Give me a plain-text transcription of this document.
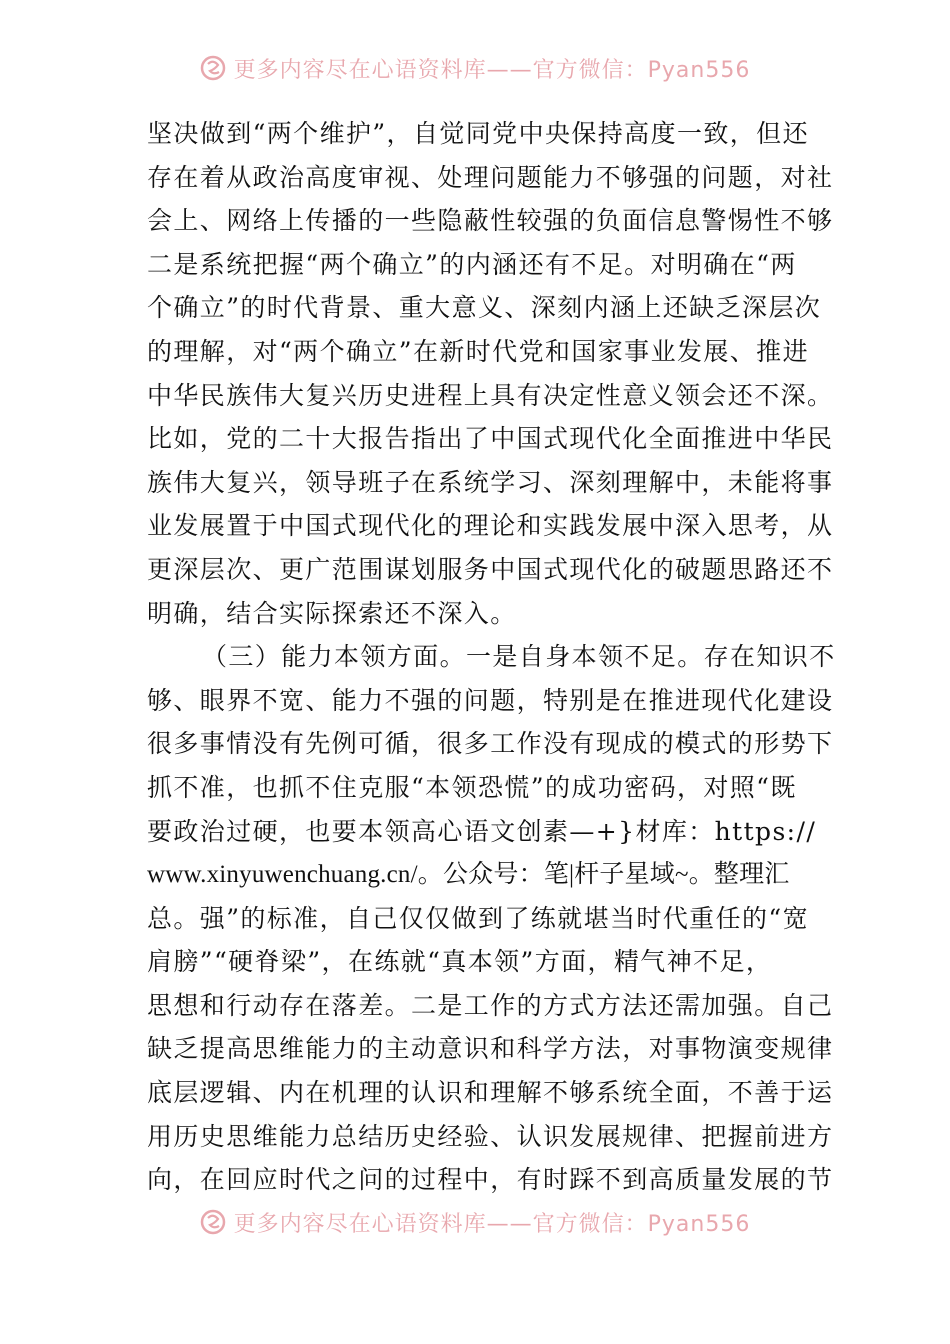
更多内容尽在心语资料库——官方微信：Pyan556
坚决做到“两个维护”，自觉同党中央保持高度一致，但还
存在着从政治高度审视、处理问题能力不够强的问题，对社
会上、网络上传播的一些隐蔽性较强的负面信息警惕性不够
二是系统把握“两个确立”的内涵还有不足。对明确在“两
个确立”的时代背景、重大意义、深刻内涵上还缺乏深层次
的理解，对“两个确立”在新时代党和国家事业发展、推进
中华民族伟大复兴历史进程上具有决定性意义领会还不深。
比如，党的二十大报告指出了中国式现代化全面推进中华民
族伟大复兴，领导班子在系统学习、深刻理解中，未能将事
业发展置于中国式现代化的理论和实践发展中深入思考，从
更深层次、更广范围谋划服务中国式现代化的破题思路还不
明确，结合实际探索还不深入。
（三）能力本领方面。一是自身本领不足。存在知识不
够、眼界不宽、能力不强的问题，特别是在推进现代化建设
很多事情没有先例可循，很多工作没有现成的模式的形势下
抓不准，也抓不住克服“本领恐慌”的成功密码，对照“既
要政治过硬，也要本领高心语文创素—+}材库：https://
www.xinyuwenchuang.cn/。公众号：笔|杆子星域~。整理汇
总。强”的标准，自己仅仅做到了练就堪当时代重任的“宽
肩膀”“硬脊梁”，在练就“真本领”方面，精气神不足，
思想和行动存在落差。二是工作的方式方法还需加强。自己
缺乏提高思维能力的主动意识和科学方法，对事物演变规律
底层逻辑、内在机理的认识和理解不够系统全面，不善于运
用历史思维能力总结历史经验、认识发展规律、把握前进方
向，在回应时代之问的过程中，有时踩不到高质量发展的节
更多内容尽在心语资料库——官方微信：Pyan556
